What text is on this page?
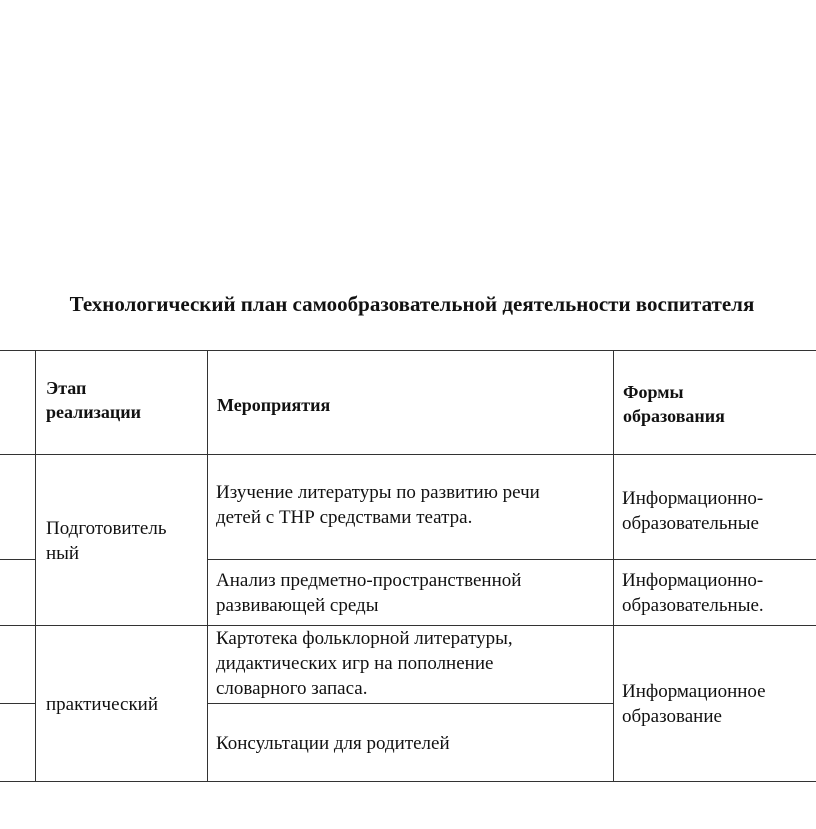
Технологический план самообразовательной деятельности воспитателя
Этап
реализации	Мероприятия
Формы
образования
Подготовитель
ный
Изучение литературы по развитию речи
детей с ТНР средствами театра.
Информационно-
образовательные
Анализ предметно-пространственной
развивающей среды
Информационно-
образовательные.
практический
Картотека фольклорной литературы,
дидактических игр на пополнение
словарного запаса.
Консультации для родителей
Информационное
образование
